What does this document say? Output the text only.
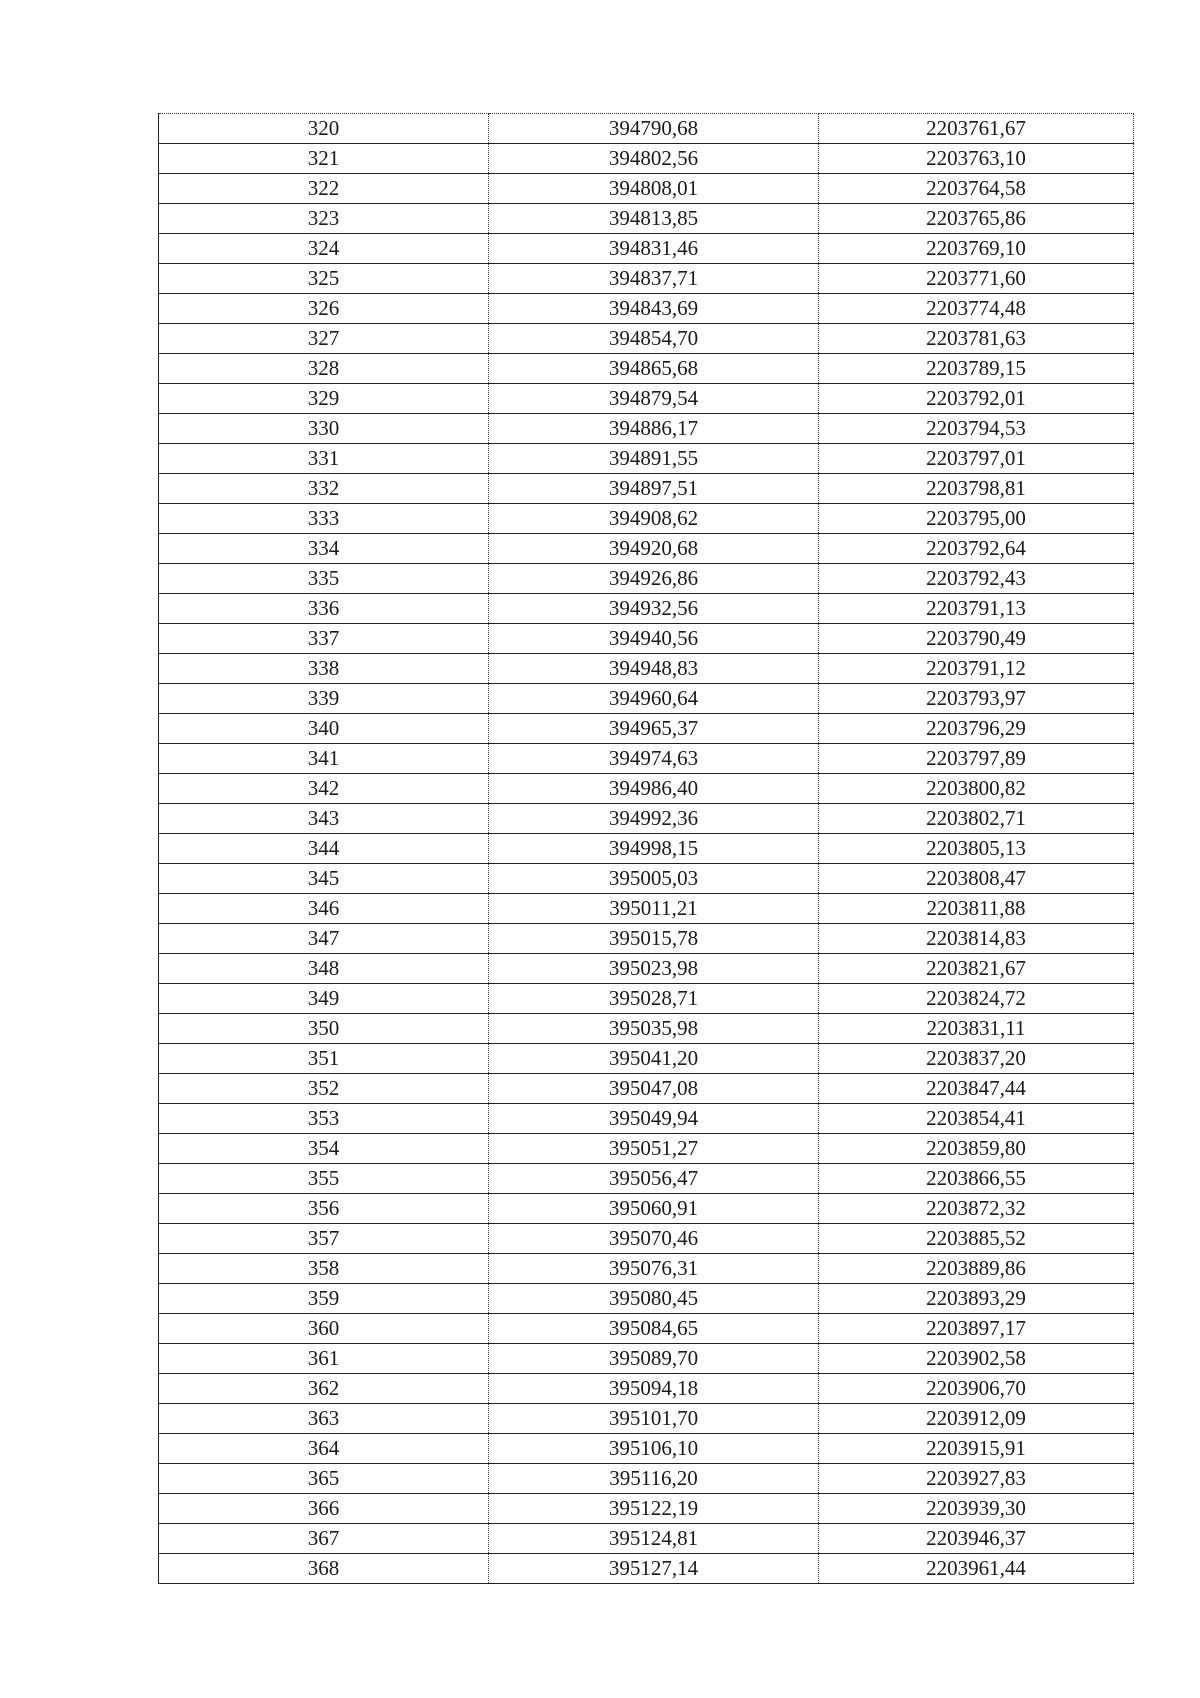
320	394790,68	2203761,67
321	394802,56	2203763,10
322	394808,01	2203764,58
323	394813,85	2203765,86
324	394831,46	2203769,10
325	394837,71	2203771,60
326	394843,69	2203774,48
327	394854,70	2203781,63
328	394865,68	2203789,15
329	394879,54	2203792,01
330	394886,17	2203794,53
331	394891,55	2203797,01
332	394897,51	2203798,81
333	394908,62	2203795,00
334	394920,68	2203792,64
335	394926,86	2203792,43
336	394932,56	2203791,13
337	394940,56	2203790,49
338	394948,83	2203791,12
339	394960,64	2203793,97
340	394965,37	2203796,29
341	394974,63	2203797,89
342	394986,40	2203800,82
343	394992,36	2203802,71
344	394998,15	2203805,13
345	395005,03	2203808,47
346	395011,21	2203811,88
347	395015,78	2203814,83
348	395023,98	2203821,67
349	395028,71	2203824,72
350	395035,98	2203831,11
351	395041,20	2203837,20
352	395047,08	2203847,44
353	395049,94	2203854,41
354	395051,27	2203859,80
355	395056,47	2203866,55
356	395060,91	2203872,32
357	395070,46	2203885,52
358	395076,31	2203889,86
359	395080,45	2203893,29
360	395084,65	2203897,17
361	395089,70	2203902,58
362	395094,18	2203906,70
363	395101,70	2203912,09
364	395106,10	2203915,91
365	395116,20	2203927,83
366	395122,19	2203939,30
367	395124,81	2203946,37
368	395127,14	2203961,44
